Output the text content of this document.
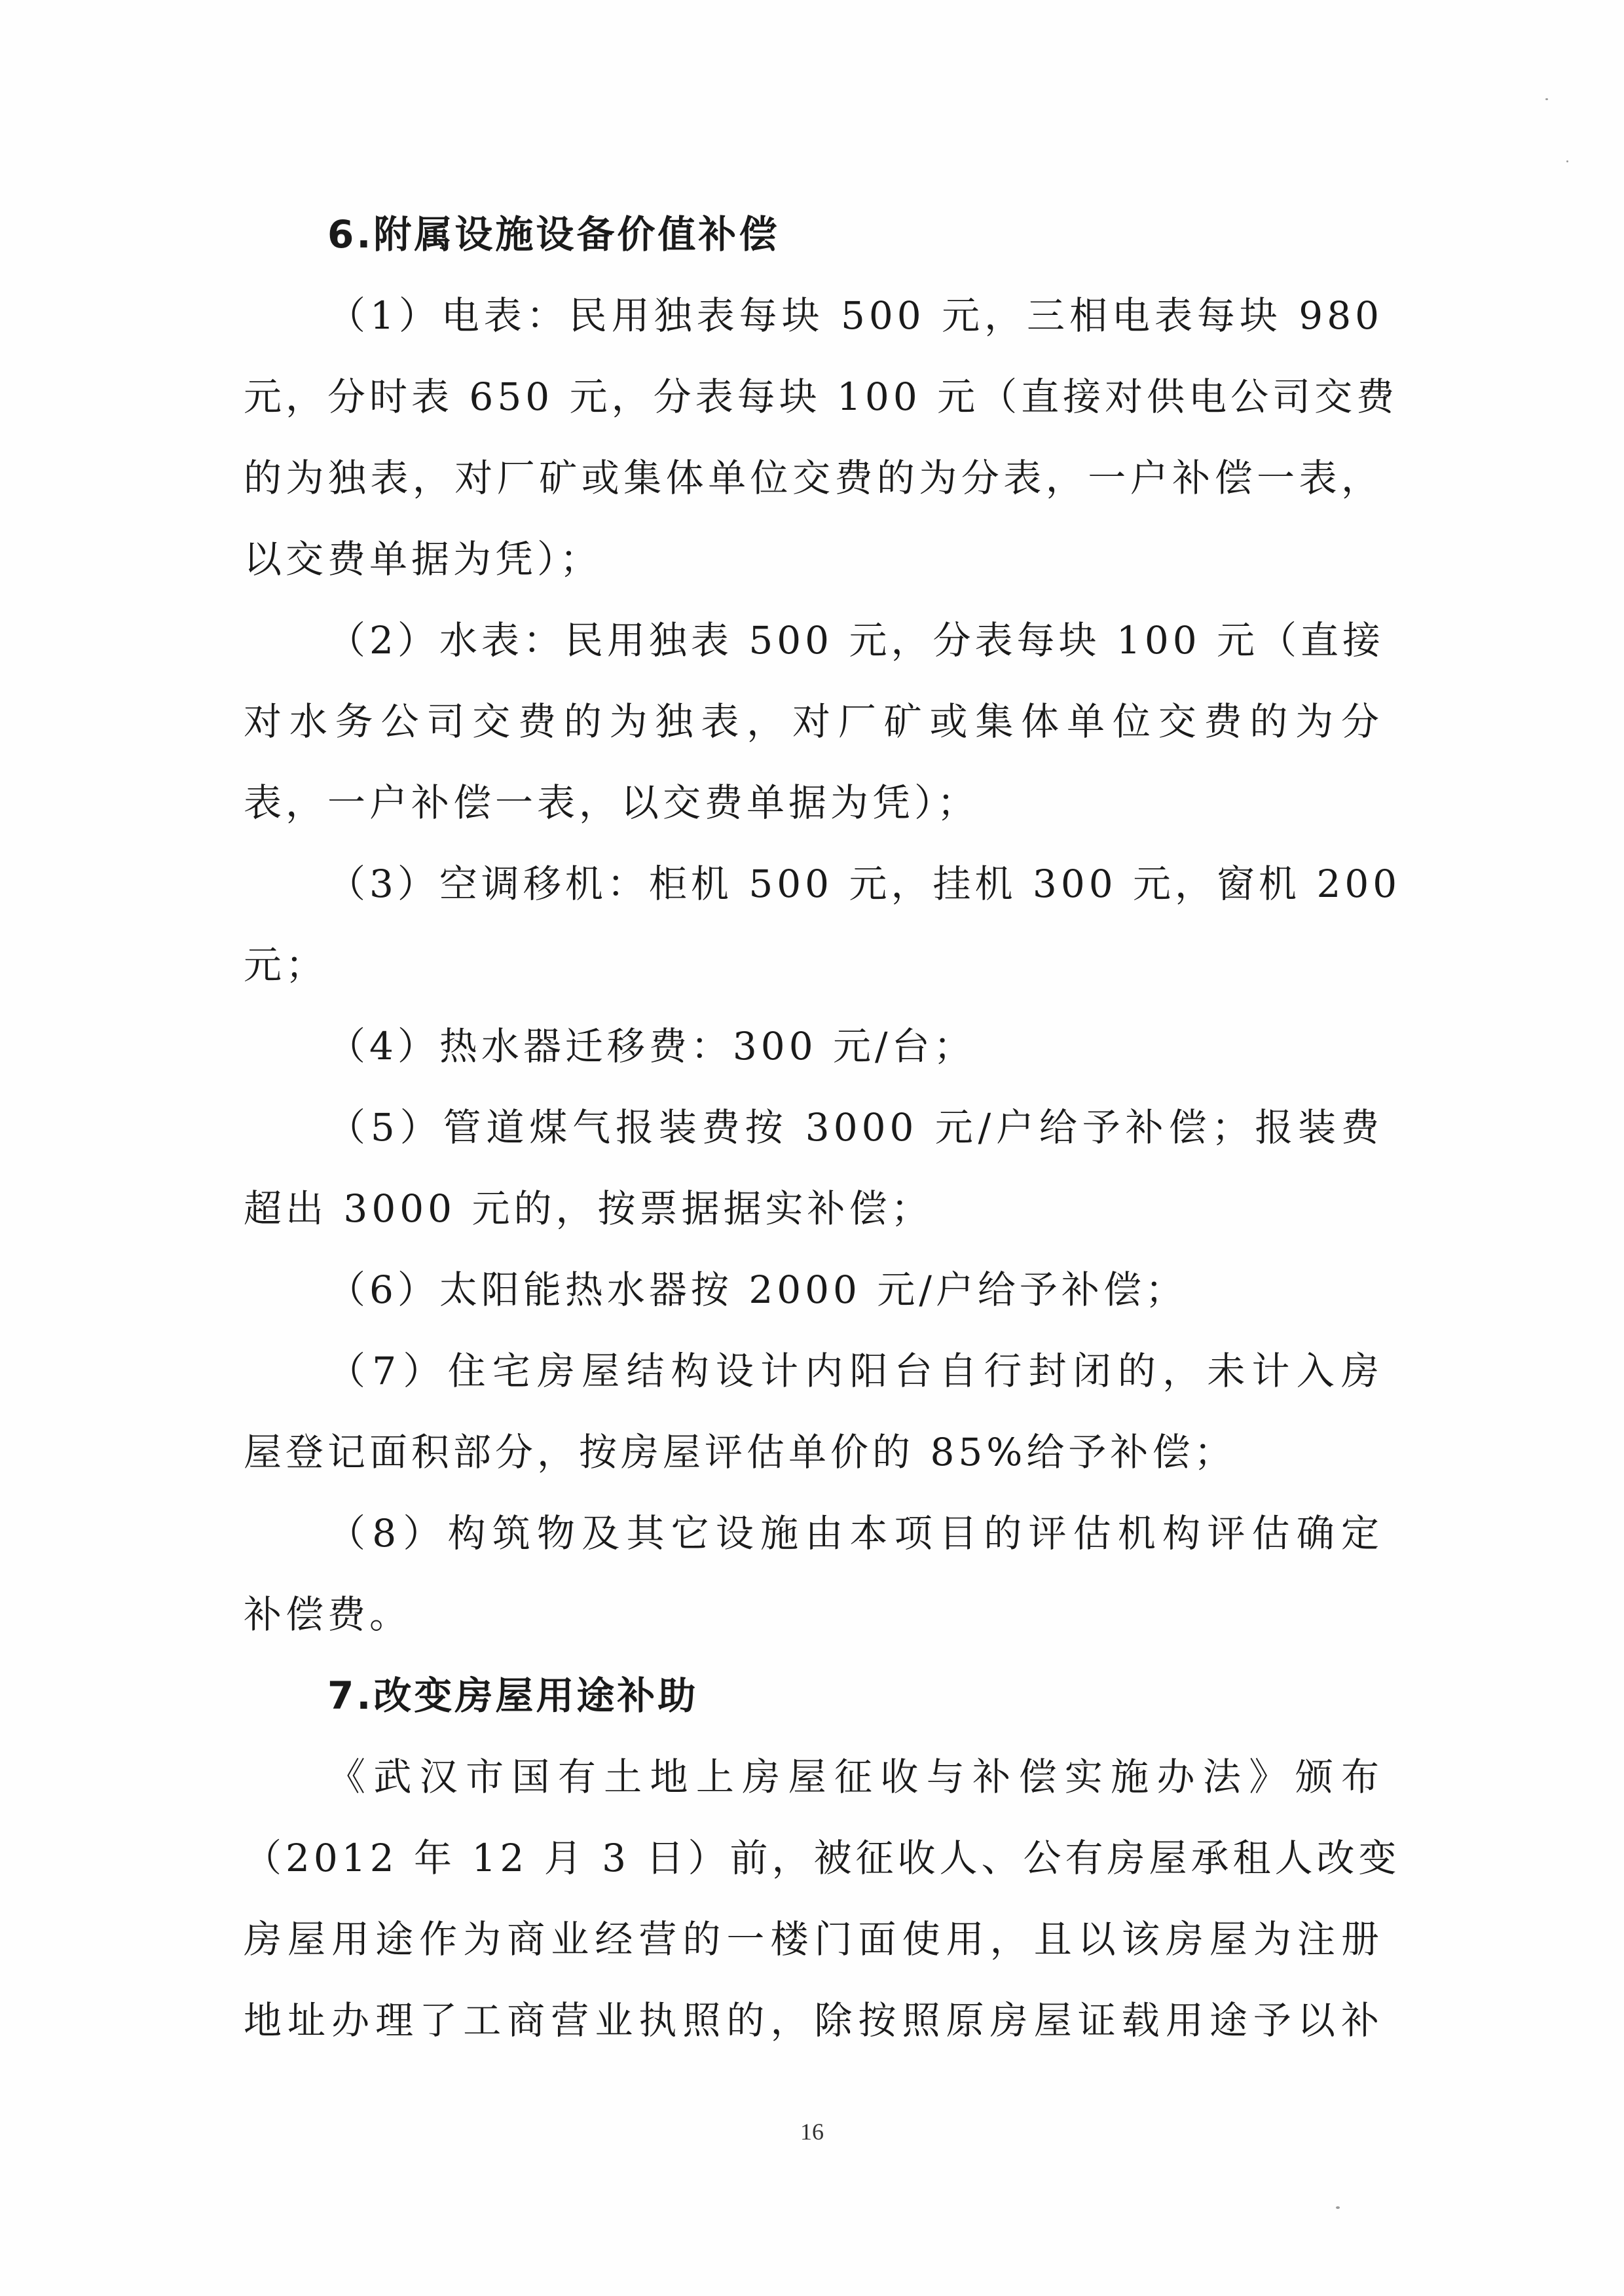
6.附属设施设备价值补偿
（1）电表：民用独表每块 500 元，三相电表每块 980
元，分时表 650 元，分表每块 100 元（直接对供电公司交费
的为独表，对厂矿或集体单位交费的为分表，一户补偿一表，
以交费单据为凭）；
（2）水表：民用独表 500 元，分表每块 100 元（直接
对水务公司交费的为独表，对厂矿或集体单位交费的为分
表，一户补偿一表，以交费单据为凭）；
（3）空调移机：柜机 500 元，挂机 300 元，窗机 200
元；
（4）热水器迁移费：300 元/台；
（5）管道煤气报装费按 3000 元/户给予补偿；报装费
超出 3000 元的，按票据据实补偿；
（6）太阳能热水器按 2000 元/户给予补偿；
（7）住宅房屋结构设计内阳台自行封闭的，未计入房
屋登记面积部分，按房屋评估单价的 85%给予补偿；
（8）构筑物及其它设施由本项目的评估机构评估确定
补偿费。
7.改变房屋用途补助
《武汉市国有土地上房屋征收与补偿实施办法》颁布
（2012 年 12 月 3 日）前，被征收人、公有房屋承租人改变
房屋用途作为商业经营的一楼门面使用，且以该房屋为注册
地址办理了工商营业执照的，除按照原房屋证载用途予以补
16
